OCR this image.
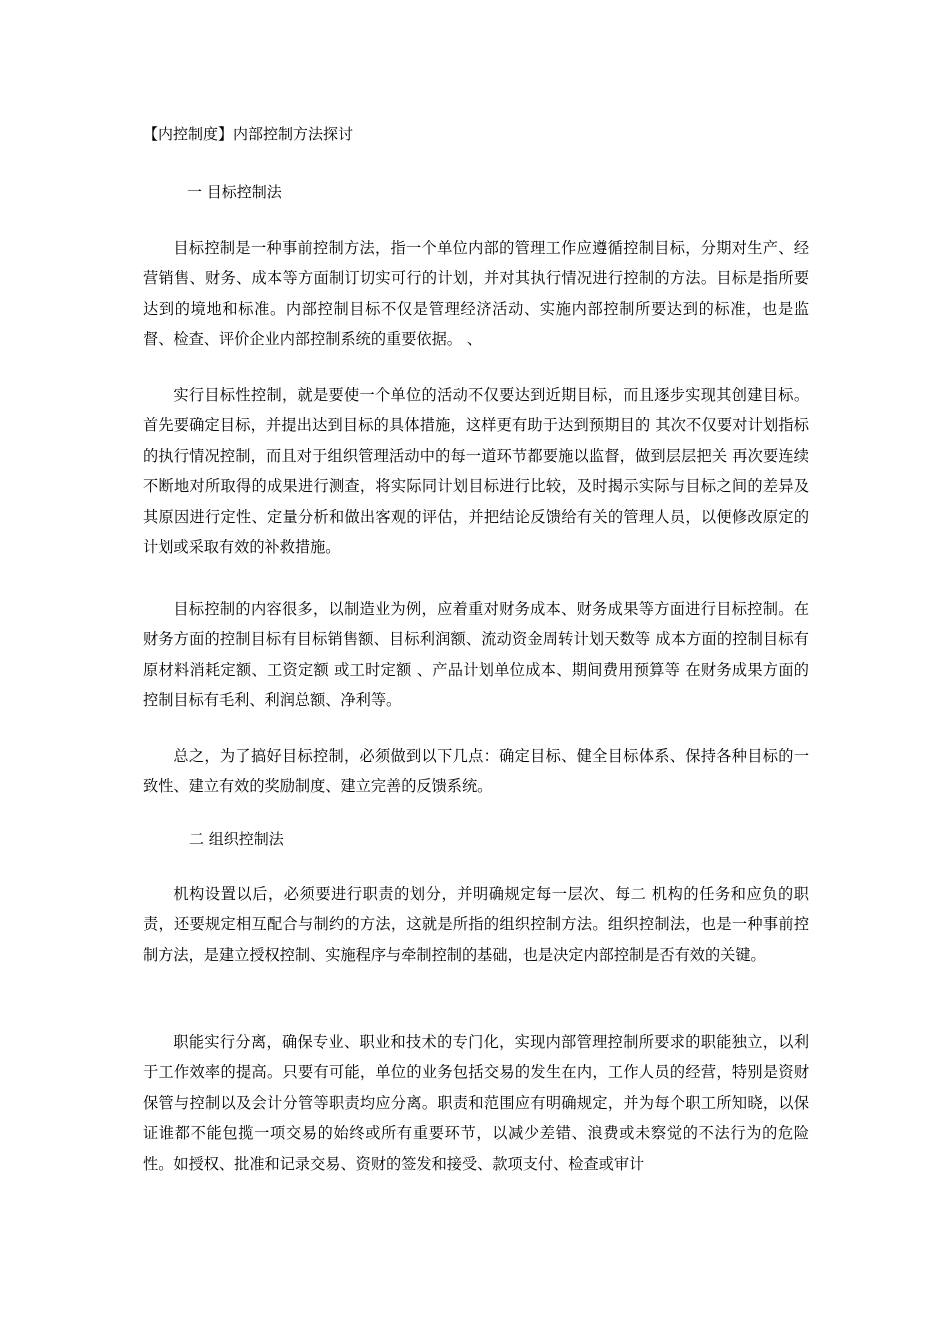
【内控制度】内部控制方法探讨
一 目标控制法

目标控制是一种事前控制方法，指一个单位内部的管理工作应遵循控制目标，分期对生产、经营销售、财务、成本等方面制订切实可行的计划，并对其执行情况进行控制的方法。目标是指所要达到的境地和标准。内部控制目标不仅是管理经济活动、实施内部控制所要达到的标准，也是监督、检查、评价企业内部控制系统的重要依据。 、

实行目标性控制，就是要使一个单位的活动不仅要达到近期目标，而且逐步实现其创建目标。首先要确定目标，并提出达到目标的具体措施，这样更有助于达到预期目的 其次不仅要对计划指标的执行情况控制，而且对于组织管理活动中的每一道环节都要施以监督，做到层层把关 再次要连续不断地对所取得的成果进行测查，将实际同计划目标进行比较，及时揭示实际与目标之间的差异及其原因进行定性、定量分析和做出客观的评估，并把结论反馈给有关的管理人员，以便修改原定的计划或采取有效的补救措施。

目标控制的内容很多，以制造业为例，应着重对财务成本、财务成果等方面进行目标控制。在财务方面的控制目标有目标销售额、目标利润额、流动资金周转计划天数等 成本方面的控制目标有原材料消耗定额、工资定额 或工时定额 、产品计划单位成本、期间费用预算等 在财务成果方面的控制目标有毛利、利润总额、净利等。

总之，为了搞好目标控制，必须做到以下几点：确定目标、健全目标体系、保持各种目标的一致性、建立有效的奖励制度、建立完善的反馈系统。

二 组织控制法

机构设置以后，必须要进行职责的划分，并明确规定每一层次、每二 机构的任务和应负的职责，还要规定相互配合与制约的方法，这就是所指的组织控制方法。组织控制法，也是一种事前控制方法，是建立授权控制、实施程序与牵制控制的基础，也是决定内部控制是否有效的关键。

职能实行分离，确保专业、职业和技术的专门化，实现内部管理控制所要求的职能独立，以利于工作效率的提高。只要有可能，单位的业务包括交易的发生在内，工作人员的经营，特别是资财保管与控制以及会计分管等职责均应分离。职责和范围应有明确规定，并为每个职工所知晓，以保证谁都不能包揽一项交易的始终或所有重要环节，以减少差错、浪费或未察觉的不法行为的危险性。如授权、批准和记录交易、资财的签发和接受、款项支付、检查或审计
